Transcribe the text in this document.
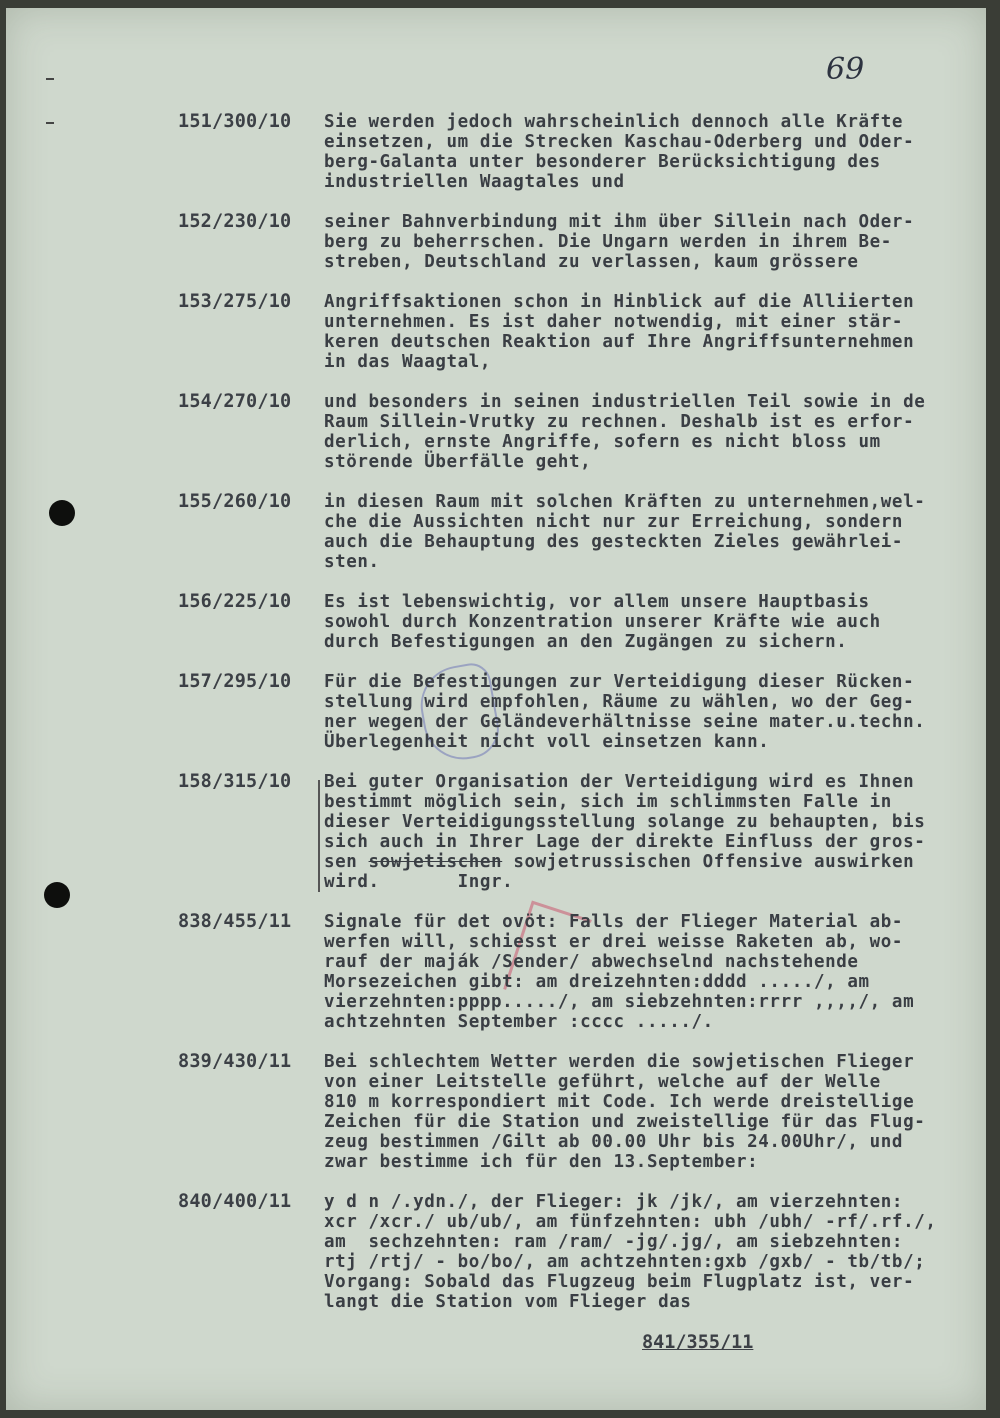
69
151/300/10 Sie werden jedoch wahrscheinlich dennoch alle Kräfte
einsetzen, um die Strecken Kaschau-Oderberg und Oder-
berg-Galanta unter besonderer Berücksichtigung des
industriellen Waagtales und
152/230/10 seiner Bahnverbindung mit ihm über Sillein nach Oder-
berg zu beherrschen. Die Ungarn werden in ihrem Be-
streben, Deutschland zu verlassen, kaum grössere
153/275/10 Angriffsaktionen schon in Hinblick auf die Alliierten
unternehmen. Es ist daher notwendig, mit einer stär-
keren deutschen Reaktion auf Ihre Angriffsunternehmen
in das Waagtal,
154/270/10 und besonders in seinen industriellen Teil sowie in de
Raum Sillein-Vrutky zu rechnen. Deshalb ist es erfor-
derlich, ernste Angriffe, sofern es nicht bloss um
störende Überfälle geht,
155/260/10 in diesen Raum mit solchen Kräften zu unternehmen,wel-
che die Aussichten nicht nur zur Erreichung, sondern
auch die Behauptung des gesteckten Zieles gewährlei-
sten.
156/225/10 Es ist lebenswichtig, vor allem unsere Hauptbasis
sowohl durch Konzentration unserer Kräfte wie auch
durch Befestigungen an den Zugängen zu sichern.
157/295/10 Für die Befestigungen zur Verteidigung dieser Rücken-
stellung wird empfohlen, Räume zu wählen, wo der Geg-
ner wegen der Geländeverhältnisse seine mater.u.techn.
Überlegenheit nicht voll einsetzen kann.
158/315/10 Bei guter Organisation der Verteidigung wird es Ihnen
bestimmt möglich sein, sich im schlimmsten Falle in
dieser Verteidigungsstellung solange zu behaupten, bis
sich auch in Ihrer Lage der direkte Einfluss der gros-
sen sowjetischen sowjetrussischen Offensive auswirken
wird.       Ingr.
838/455/11 Signale für det ovöt: Falls der Flieger Material ab-
werfen will, schiesst er drei weisse Raketen ab, wo-
rauf der maják /Sender/ abwechselnd nachstehende
Morsezeichen gibt: am dreizehnten:dddd ...../, am
vierzehnten:pppp...../, am siebzehnten:rrrr ,,,,/, am
achtzehnten September :cccc ...../.
839/430/11 Bei schlechtem Wetter werden die sowjetischen Flieger
von einer Leitstelle geführt, welche auf der Welle
810 m korrespondiert mit Code. Ich werde dreistellige
Zeichen für die Station und zweistellige für das Flug-
zeug bestimmen /Gilt ab 00.00 Uhr bis 24.00Uhr/, und
zwar bestimme ich für den 13.September:
840/400/11 y d n /.ydn./, der Flieger: jk /jk/, am vierzehnten:
xcr /xcr./ ub/ub/, am fünfzehnten: ubh /ubh/ -rf/.rf./,
am  sechzehnten: ram /ram/ -jg/.jg/, am siebzehnten:
rtj /rtj/ - bo/bo/, am achtzehnten:gxb /gxb/ - tb/tb/;
Vorgang: Sobald das Flugzeug beim Flugplatz ist, ver-
langt die Station vom Flieger das
841/355/11
